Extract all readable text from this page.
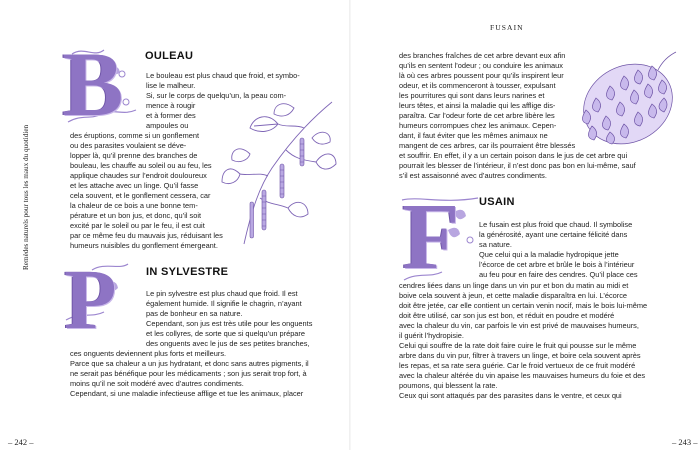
Remèdes naturels pour tous les maux du quotidien
– 242 –
B OULEAU
Le bouleau est plus chaud que froid, et symbo-
lise le malheur.
Si, sur le corps de quelqu’un, la peau com-
mence à rougir
et à former des
ampoules ou
des éruptions, comme si un gonflement
ou des parasites voulaient se déve-
lopper là, qu’il prenne des branches de
bouleau, les chauffe au soleil ou au feu, les
applique chaudes sur l’endroit douloureux
et les attache avec un linge. Qu’il fasse
cela souvent, et le gonflement cessera, car
la chaleur de ce bois a une bonne tem-
pérature et un bon jus, et donc, qu’il soit
excité par le soleil ou par le feu, il est cuit
par ce même feu du mauvais jus, réduisant les
humeurs nuisibles du gonflement émergeant.
P	IN SYLVESTRE
Le pin sylvestre est plus chaud que froid. Il est
également humide. Il signifie le chagrin, n’ayant
pas de bonheur en sa nature.
Cependant, son jus est très utile pour les onguents
et les collyres, de sorte que si quelqu’un prépare
des onguents avec le jus de ses petites branches,
ces onguents deviennent plus forts et meilleurs.
Parce que sa chaleur a un jus hydratant, et donc sans autres pigments, il
ne serait pas bénéfique pour les médicaments ; son jus serait trop fort, à
moins qu’il ne soit modéré avec d’autres condiments.
Cependant, si une maladie infectieuse afflige et tue les animaux, placer
FUSAIN
– 243 –
des branches fraîches de cet arbre devant eux afin
qu’ils en sentent l’odeur ; ou conduire les animaux
là où ces arbres poussent pour qu’ils inspirent leur
odeur, et ils commenceront à tousser, expulsant
les pourritures qui sont dans leurs narines et
leurs têtes, et ainsi la maladie qui les afflige dis-
paraîtra. Car l’odeur forte de cet arbre libère les
humeurs corrompues chez les animaux. Cepen-
dant, il faut éviter que les mêmes animaux ne
mangent de ces arbres, car ils pourraient être blessés
et souffrir. En effet, il y a un certain poison dans le jus de cet arbre qui
pourrait les blesser de l’intérieur, il n’est donc pas bon en lui-même, sauf
s’il est assaisonné avec d’autres condiments.
F USAIN
Le fusain est plus froid que chaud. Il symbolise
la générosité, ayant une certaine félicité dans
sa nature.
Que celui qui a la maladie hydropique jette
l’écorce de cet arbre et brûle le bois à l’intérieur
au feu pour en faire des cendres. Qu’il place ces
cendres liées dans un linge dans un vin pur et bon du matin au midi et
boive cela souvent à jeun, et cette maladie disparaîtra en lui. L’écorce
doit être jetée, car elle contient un certain venin nocif, mais le bois lui-même
doit être utilisé, car son jus est bon, et réduit en poudre et modéré
avec la chaleur du vin, car parfois le vin est privé de mauvaises humeurs,
il guérit l’hydropisie.
Celui qui souffre de la rate doit faire cuire le fruit qui pousse sur le même
arbre dans du vin pur, filtrer à travers un linge, et boire cela souvent après
les repas, et sa rate sera guérie. Car le froid vertueux de ce fruit modéré
avec la chaleur altérée du vin apaise les mauvaises humeurs du foie et des
poumons, qui blessent la rate.
Ceux qui sont attaqués par des parasites dans le ventre, et ceux qui
